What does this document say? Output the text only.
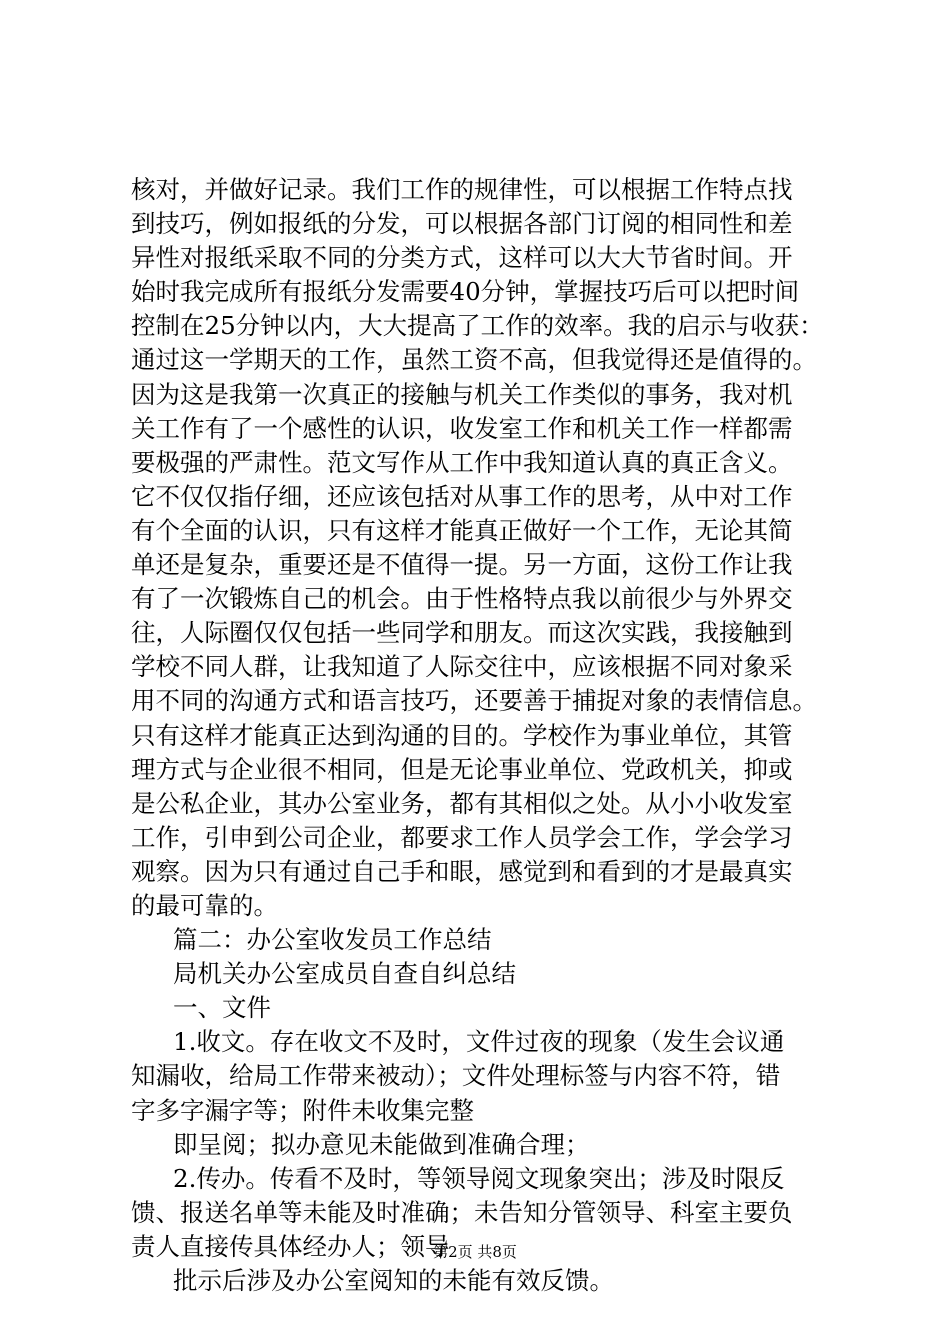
核对，并做好记录。我们工作的规律性，可以根据工作特点找
到技巧，例如报纸的分发，可以根据各部门订阅的相同性和差
异性对报纸采取不同的分类方式，这样可以大大节省时间。开
始时我完成所有报纸分发需要40分钟，掌握技巧后可以把时间
控制在25分钟以内，大大提高了工作的效率。我的启示与收获：
通过这一学期天的工作，虽然工资不高，但我觉得还是值得的。
因为这是我第一次真正的接触与机关工作类似的事务，我对机
关工作有了一个感性的认识，收发室工作和机关工作一样都需
要极强的严肃性。范文写作从工作中我知道认真的真正含义。
它不仅仅指仔细，还应该包括对从事工作的思考，从中对工作
有个全面的认识，只有这样才能真正做好一个工作，无论其简
单还是复杂，重要还是不值得一提。另一方面，这份工作让我
有了一次锻炼自己的机会。由于性格特点我以前很少与外界交
往，人际圈仅仅包括一些同学和朋友。而这次实践，我接触到
学校不同人群，让我知道了人际交往中，应该根据不同对象采
用不同的沟通方式和语言技巧，还要善于捕捉对象的表情信息。
只有这样才能真正达到沟通的目的。学校作为事业单位，其管
理方式与企业很不相同，但是无论事业单位、党政机关，抑或
是公私企业，其办公室业务，都有其相似之处。从小小收发室
工作，引申到公司企业，都要求工作人员学会工作，学会学习
观察。因为只有通过自己手和眼，感觉到和看到的才是最真实
的最可靠的。
篇二：办公室收发员工作总结
局机关办公室成员自查自纠总结
一、文件
1.收文。存在收文不及时，文件过夜的现象（发生会议通
知漏收，给局工作带来被动）；文件处理标签与内容不符，错
字多字漏字等；附件未收集完整
即呈阅；拟办意见未能做到准确合理；
2.传办。传看不及时，等领导阅文现象突出；涉及时限反
馈、报送名单等未能及时准确；未告知分管领导、科室主要负
责人直接传具体经办人；领导
批示后涉及办公室阅知的未能有效反馈。
第2页 共8页
